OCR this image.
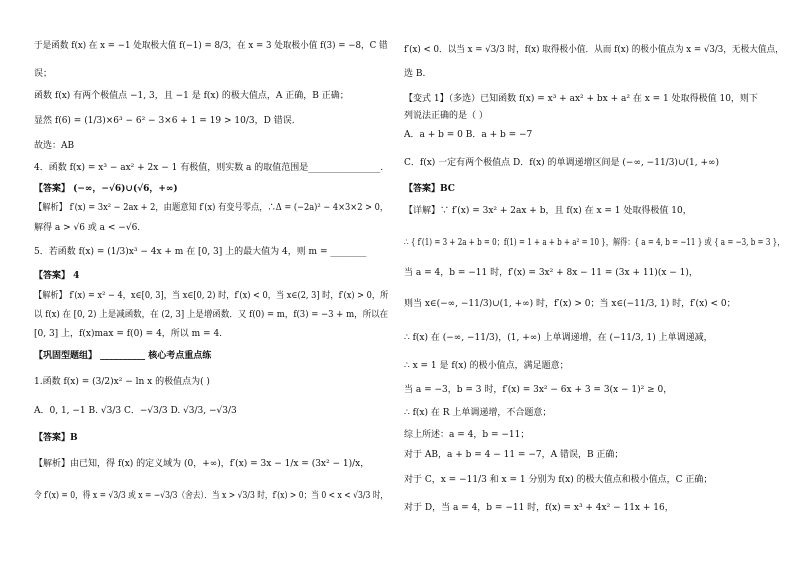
于是函数 f(x) 在 x = −1 处取极大值 f(−1) = 8/3，在 x = 3 处取极小值 f(3) = −8，C 错
误；
函数 f(x) 有两个极值点 −1, 3，且 −1 是 f(x) 的极大值点，A 正确，B 正确；
显然 f(6) = (1/3)×6³ − 6² − 3×6 + 1 = 19 > 10/3，D 错误.
故选：AB
4．函数 f(x) = x³ − ax² + 2x − 1 有极值，则实数 a 的取值范围是________________.
【答案】 (−∞，−√6)∪(√6，+∞)
【解析】 f′(x) = 3x² − 2ax + 2，由题意知 f′(x) 有变号零点，∴Δ = (−2a)² − 4×3×2 > 0，
解得 a > √6 或 a < −√6.
5．若函数 f(x) = (1/3)x³ − 4x + m 在 [0, 3] 上的最大值为 4，则 m = ________
【答案】 4
【解析】 f′(x) = x² − 4，x∈[0, 3]，当 x∈[0, 2) 时，f′(x) < 0，当 x∈(2, 3] 时，f′(x) > 0，所
以 f(x) 在 [0, 2) 上是减函数，在 (2, 3] 上是增函数．又 f(0) = m，f(3) = −3 + m，所以在
[0, 3] 上，f(x)max = f(0) = 4，所以 m = 4.
【巩固型题组】 __________ 核心考点重点练
1.函数 f(x) = (3/2)x² − ln x 的极值点为( )
A．0, 1, −1 B. √3/3 C．−√3/3 D. √3/3, −√3/3
【答案】B
【解析】由已知，得 f(x) 的定义域为 (0，+∞)，f′(x) = 3x − 1/x = (3x² − 1)/x，
令 f′(x) = 0，得 x = √3/3 或 x = −√3/3（舍去）．当 x > √3/3 时，f′(x) > 0；当 0 < x < √3/3 时，
f′(x) < 0．以当 x = √3/3 时，f(x) 取得极小值．从而 f(x) 的极小值点为 x = √3/3，无极大值点，
选 B.
【变式 1】（多选）已知函数 f(x) = x³ + ax² + bx + a² 在 x = 1 处取得极值 10，则下
列说法正确的是（ ）
A．a + b = 0 B．a + b = −7
C．f(x) 一定有两个极值点 D．f(x) 的单调递增区间是 (−∞, −11/3)∪(1, +∞)
【答案】BC
【详解】∵ f′(x) = 3x² + 2ax + b，且 f(x) 在 x = 1 处取得极值 10，
∴ { f′(1) = 3 + 2a + b = 0；f(1) = 1 + a + b + a² = 10 }，解得：{ a = 4, b = −11 } 或 { a = −3, b = 3 }，
当 a = 4，b = −11 时，f′(x) = 3x² + 8x − 11 = (3x + 11)(x − 1)，
则当 x∈(−∞, −11/3)∪(1, +∞) 时，f′(x) > 0；当 x∈(−11/3, 1) 时，f′(x) < 0；
∴ f(x) 在 (−∞, −11/3)，(1, +∞) 上单调递增，在 (−11/3, 1) 上单调递减，
∴ x = 1 是 f(x) 的极小值点，满足题意；
当 a = −3，b = 3 时，f′(x) = 3x² − 6x + 3 = 3(x − 1)² ≥ 0，
∴ f(x) 在 R 上单调递增，不合题意；
综上所述：a = 4，b = −11；
对于 AB，a + b = 4 − 11 = −7，A 错误，B 正确；
对于 C，x = −11/3 和 x = 1 分别为 f(x) 的极大值点和极小值点，C 正确；
对于 D，当 a = 4，b = −11 时，f(x) = x³ + 4x² − 11x + 16，
